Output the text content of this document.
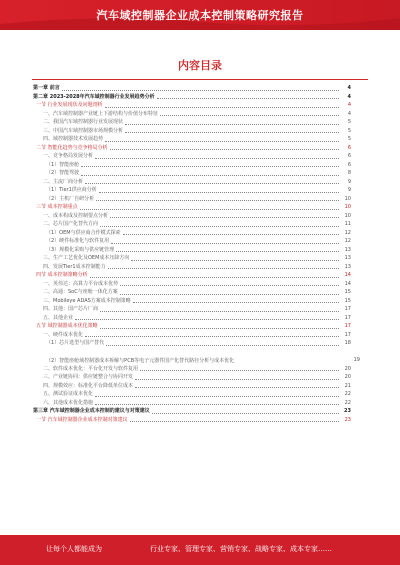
汽车域控制器企业成本控制策略研究报告
内容目录
第一章 前言	4
第二章 2023-2028年汽车域控制器行业发展趋势分析	4
一节 行业发展现状及问题剖析	4
一、汽车域控制器产业链上下游结构与价值分布特征	4
二、我国汽车域控制器行业发展现状	5
三、中国汽车域控制器市场规模分析	5
四、域控制器技术发展趋势	5
二节 智能化趋势与竞争格局分析	6
一、竞争格局发展分析	6
（1）智能座舱	6
（2）智能驾驶	8
二、主流厂商分析	9
（1）Tier1供应商分析	9
（2）主机厂自研分析	10
三节 成本控制重点	10
一、成本构成及控制要点分析	10
二、芯片国产化替代方向	11
（1）OEM与供应商合作模式探索	12
（2）硬件标准化与软件复用	12
（3）规模化采购与供应链管理	13
三、生产工艺优化及OEM成本压降方向	13
四、发展Tier1成本控制能力	13
四节 成本控制策略分析	14
一、英伟达：高算力平台成本优势	14
二、高通：SoC与座舱一体化方案	15
三、Mobileye ADAS方案成本控制策略	15
四、其他：国产芯片厂商	17
五、其他企业	17
五节 域控制器成本优化策略	17
一、硬件成本优化	17
（1）芯片选型与国产替代	18
（2）智能座舱域控制器成本拆解与PCB等电子元器件国产化替代路径分析与成本优化	19
二、软件成本优化：平台化开发与软件复用	20
三、产业链协同：供应链整合与协同开发	20
四、规模效应：标准化平台降低单位成本	21
五、测试验证成本优化	22
六、其他成本优化措施	22
第三章 汽车域控制器企业成本控制的建议与对策建议	23
一节 汽车域控制器企业成本控制对策建议	23
让每个人都能成为	行业专家、管理专家、营销专家、战略专家、成本专家……
